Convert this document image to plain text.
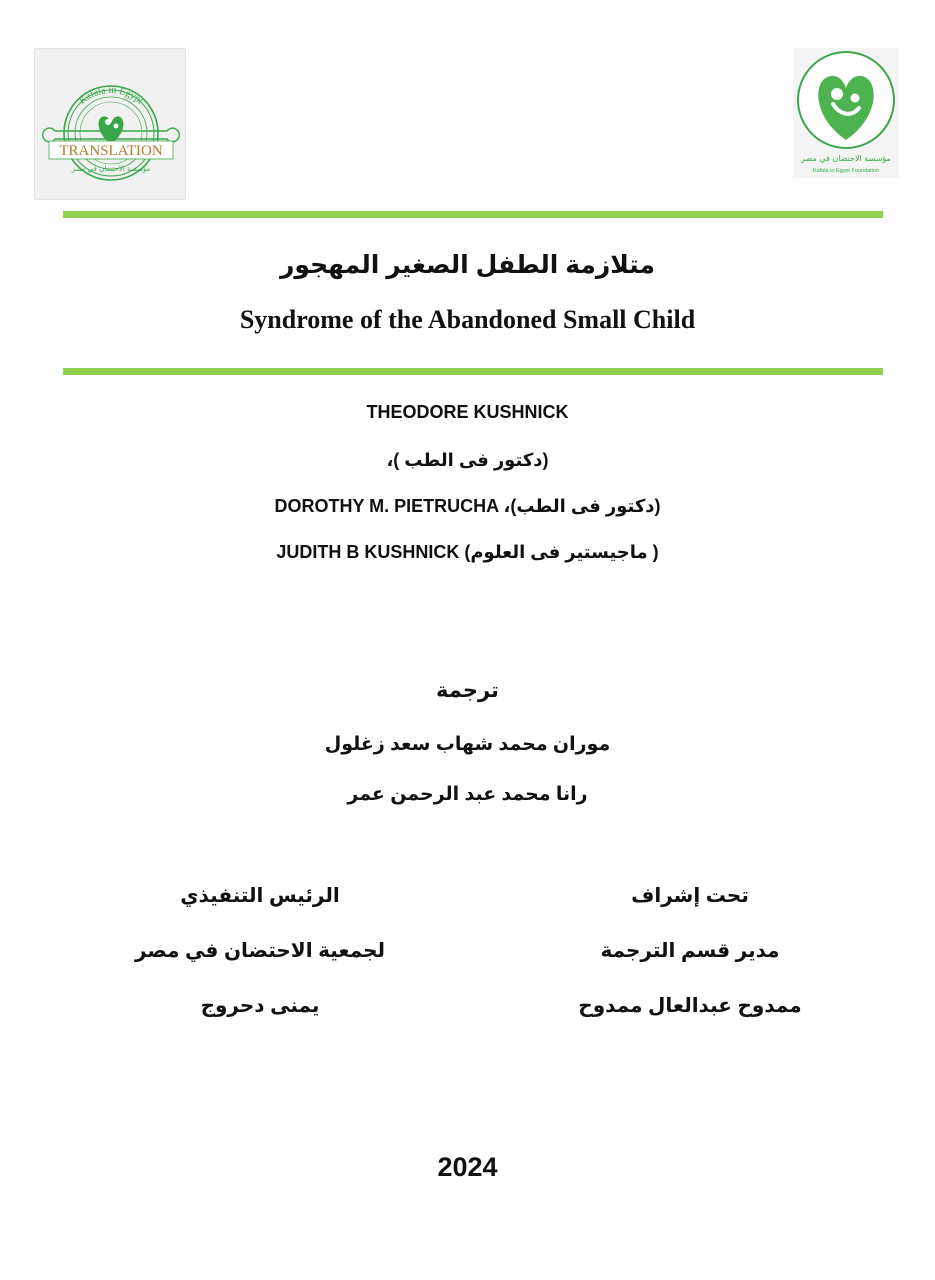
Kafala in Egypt
TRANSLATION
مؤسسة الاحتضان في مصر
مؤسسة الاحتضان في مصر
Kafala in Egypt Foundation
متلازمة الطفل الصغير المهجور
Syndrome of the Abandoned Small Child
THEODORE KUSHNICK
(دكتور فى الطب )،
DOROTHY M. PIETRUCHA (دكتور فى الطب)،
JUDITH B KUSHNICK ( ماجيستير فى العلوم)
ترجمة
موران محمد شهاب سعد زغلول
رانا محمد عبد الرحمن عمر
تحت إشراف
مدير قسم الترجمة
ممدوح عبدالعال ممدوح
الرئيس التنفيذي
لجمعية الاحتضان في مصر
يمنى دحروج
2024
